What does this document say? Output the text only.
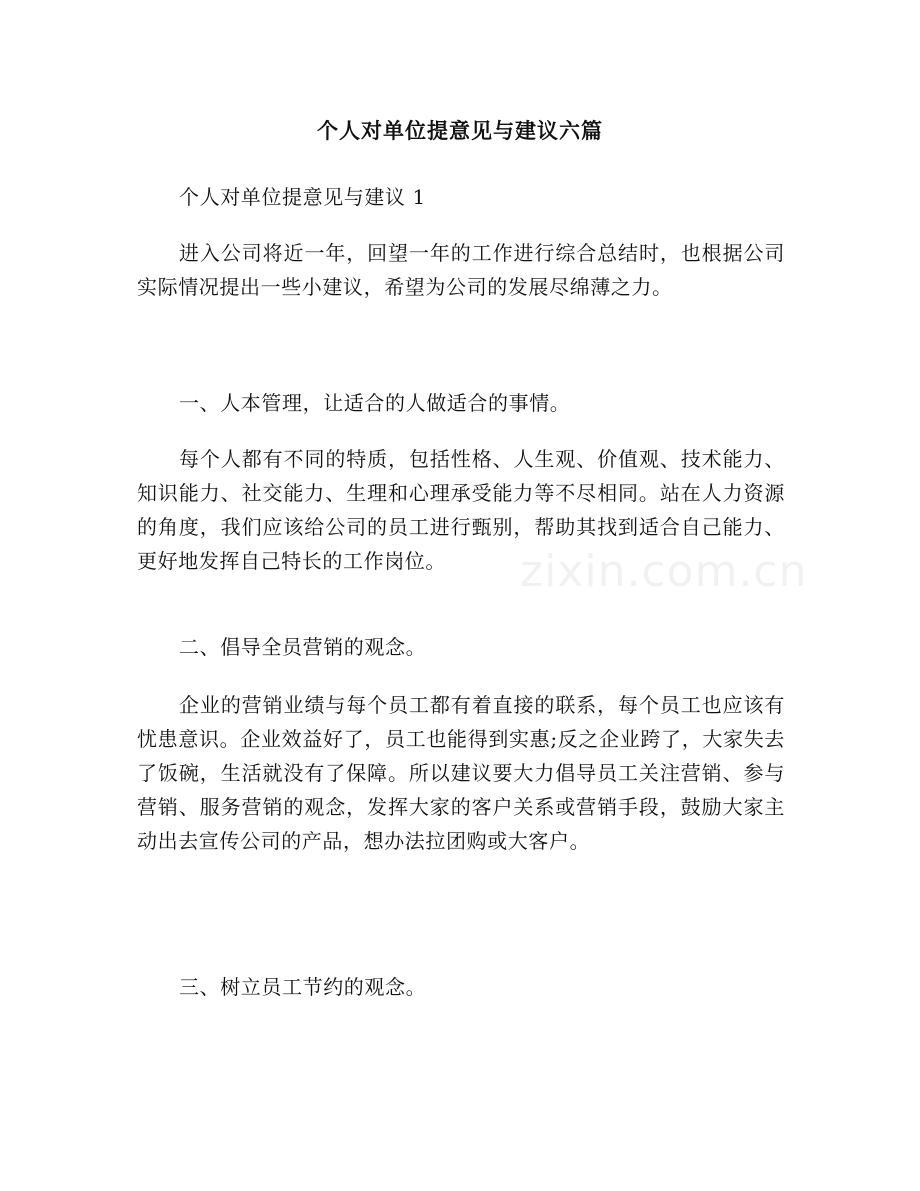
个人对单位提意见与建议六篇

个人对单位提意见与建议 1

进入公司将近一年，回望一年的工作进行综合总结时，也根据公司实际情况提出一些小建议，希望为公司的发展尽绵薄之力。

一、人本管理，让适合的人做适合的事情。

每个人都有不同的特质，包括性格、人生观、价值观、技术能力、知识能力、社交能力、生理和心理承受能力等不尽相同。站在人力资源的角度，我们应该给公司的员工进行甄别，帮助其找到适合自己能力、更好地发挥自己特长的工作岗位。

二、倡导全员营销的观念。

企业的营销业绩与每个员工都有着直接的联系，每个员工也应该有忧患意识。企业效益好了，员工也能得到实惠;反之企业跨了，大家失去了饭碗，生活就没有了保障。所以建议要大力倡导员工关注营销、参与营销、服务营销的观念，发挥大家的客户关系或营销手段，鼓励大家主动出去宣传公司的产品，想办法拉团购或大客户。

三、树立员工节约的观念。

zixin.com.cn
